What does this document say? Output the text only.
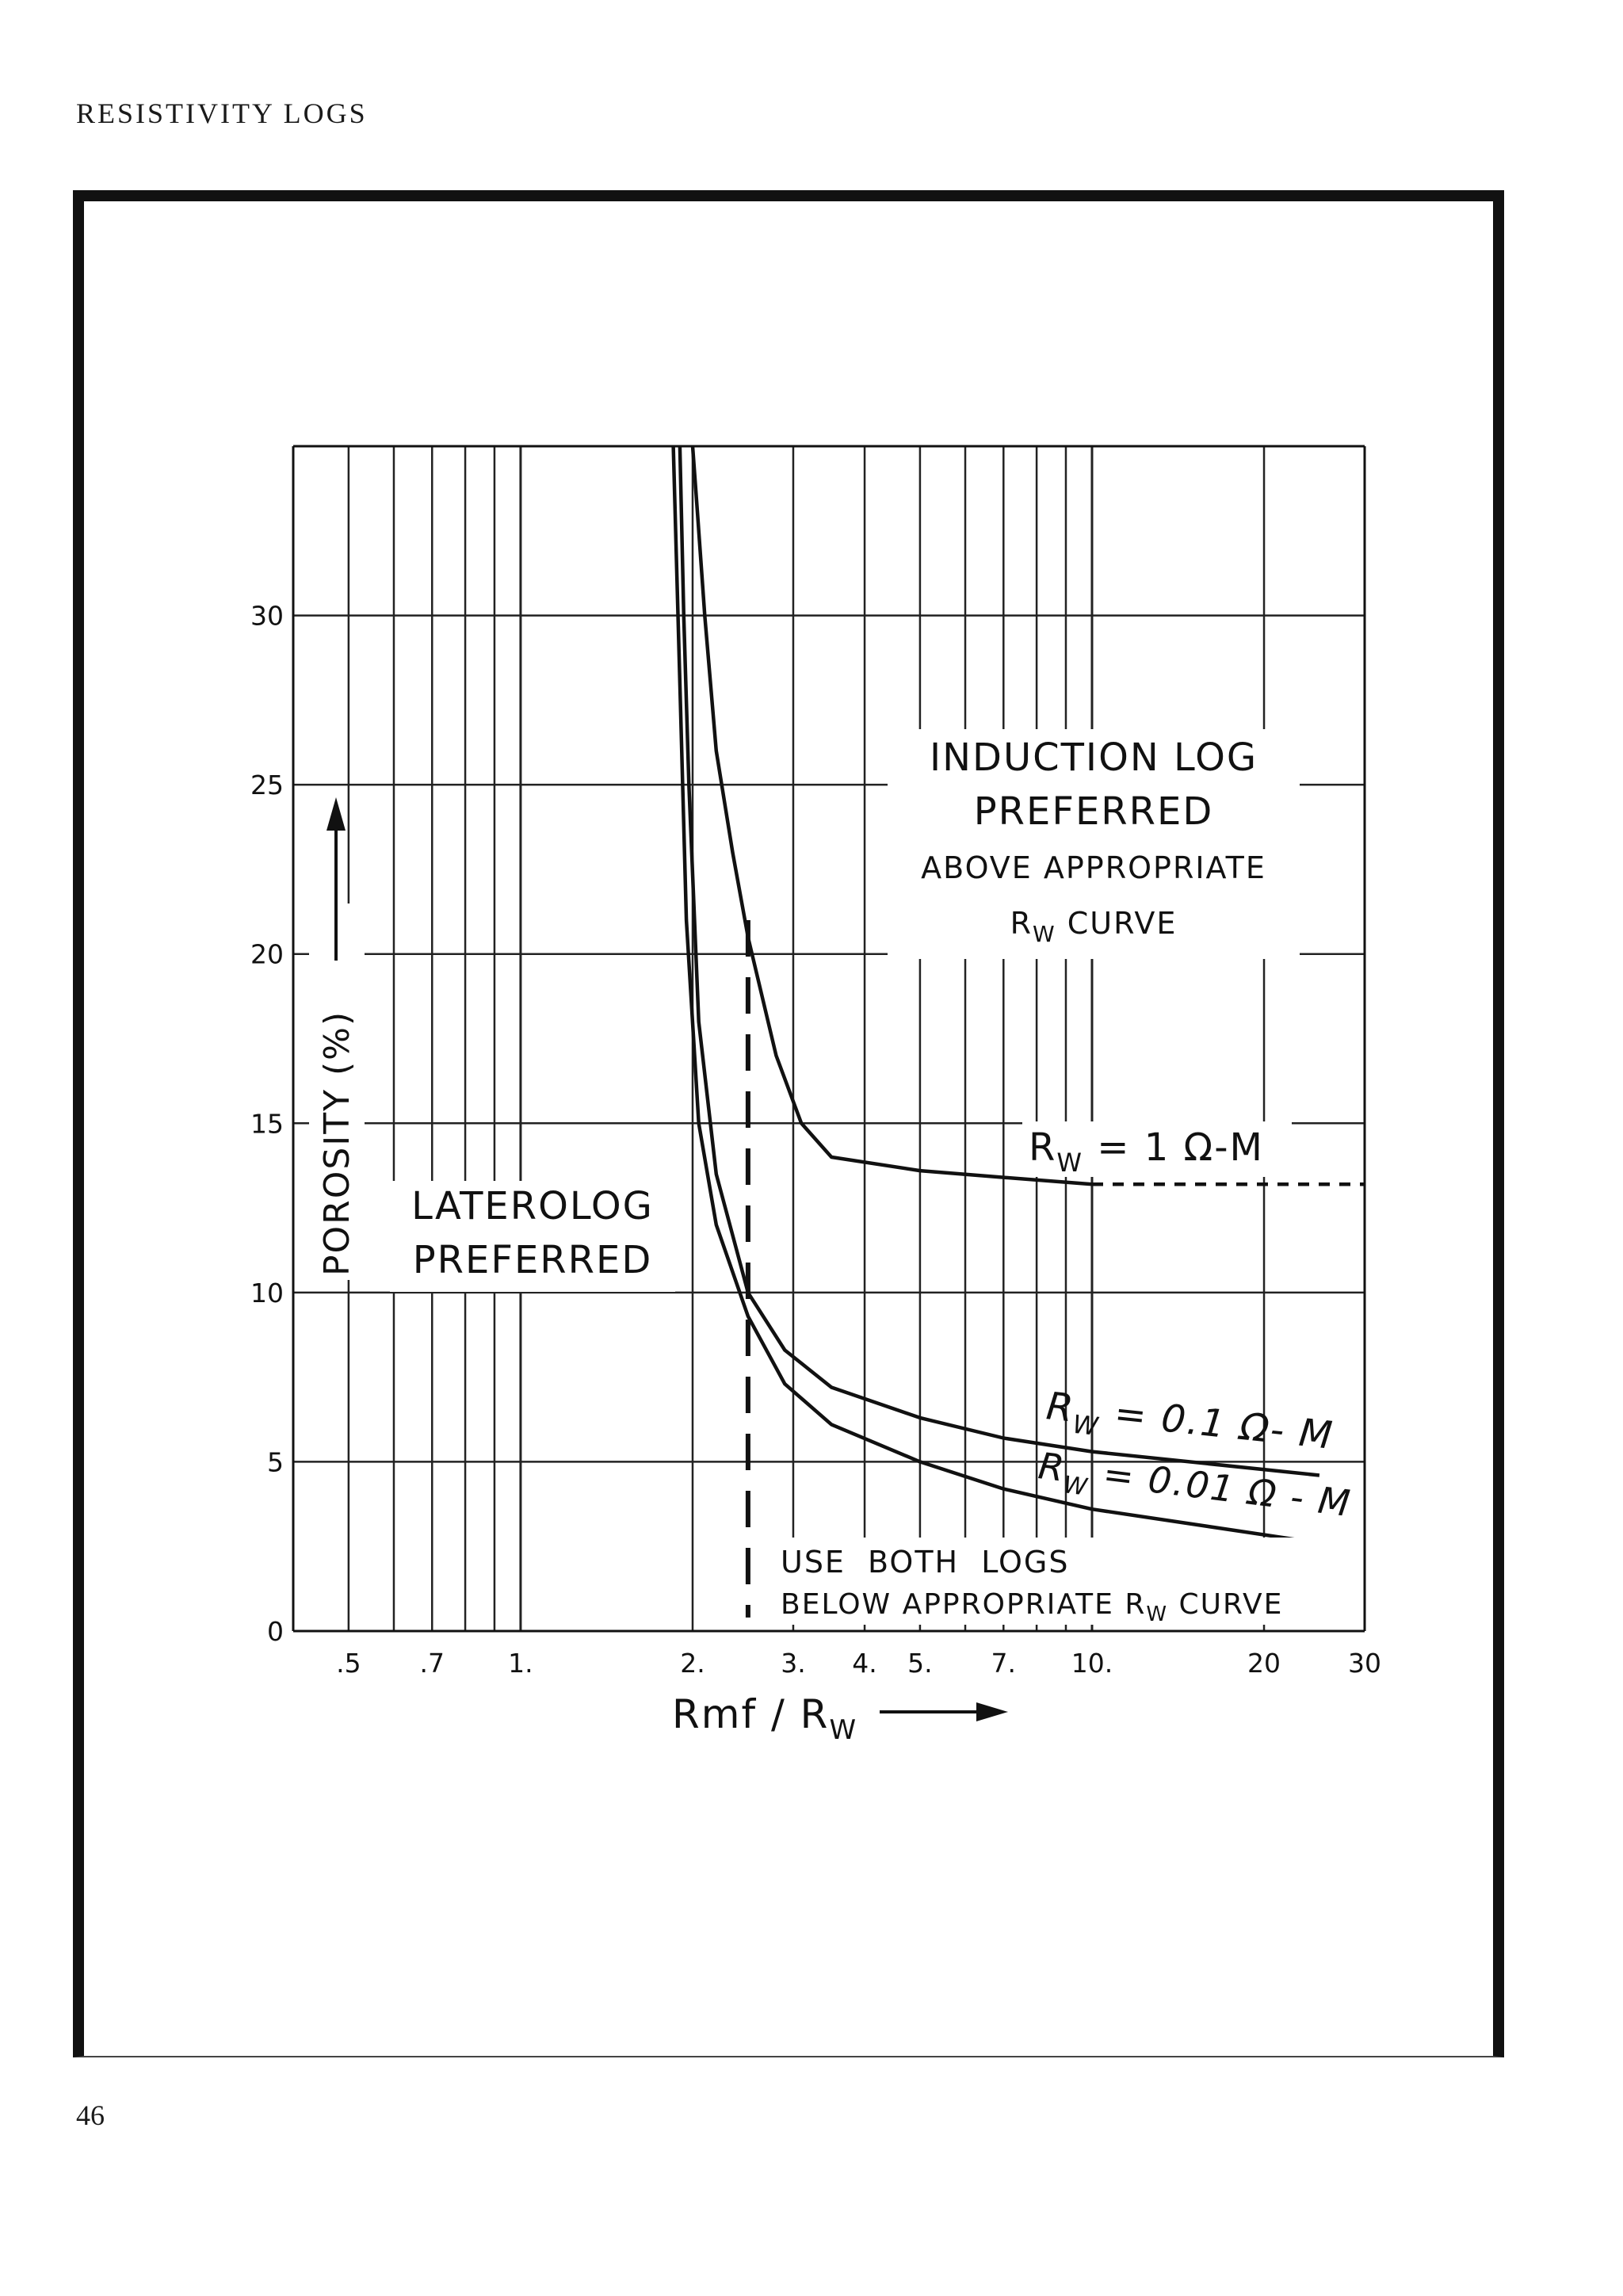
RESISTIVITY LOGS
46
.5 .7 1.	2.	3. 4. 5. 7. 10.	20	30
0
5
10
15
20
25
30
INDUCTION LOG
PREFERRED
ABOVE APPROPRIATE
$R_W$ CURVE
LATEROLOG
PREFERRED
USE BOTH LOGS
BELOW APPROPRIATE $R_W$ CURVE
$R_W = 1$ Ω-M
$R_W = 0.1$ Ω- M
$R_W = 0.01$ Ω - M
POROSITY (%)
Rmf / $R_W$
